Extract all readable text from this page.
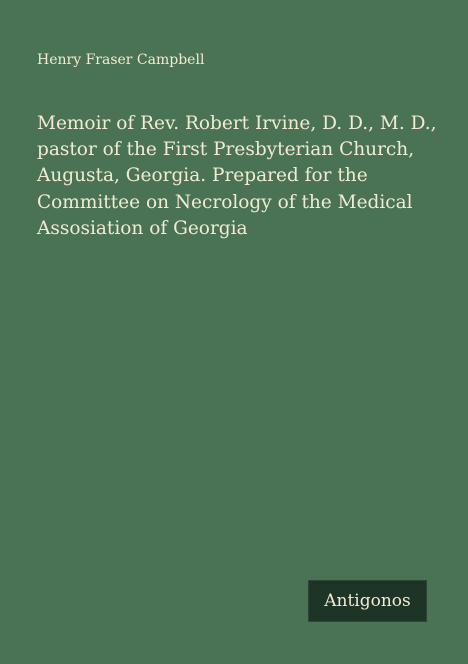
Henry Fraser Campbell
Memoir of Rev. Robert Irvine, D. D., M. D., pastor of the First Presbyterian Church, Augusta, Georgia. Prepared for the Committee on Necrology of the Medical Assosiation of Georgia
Antigonos
